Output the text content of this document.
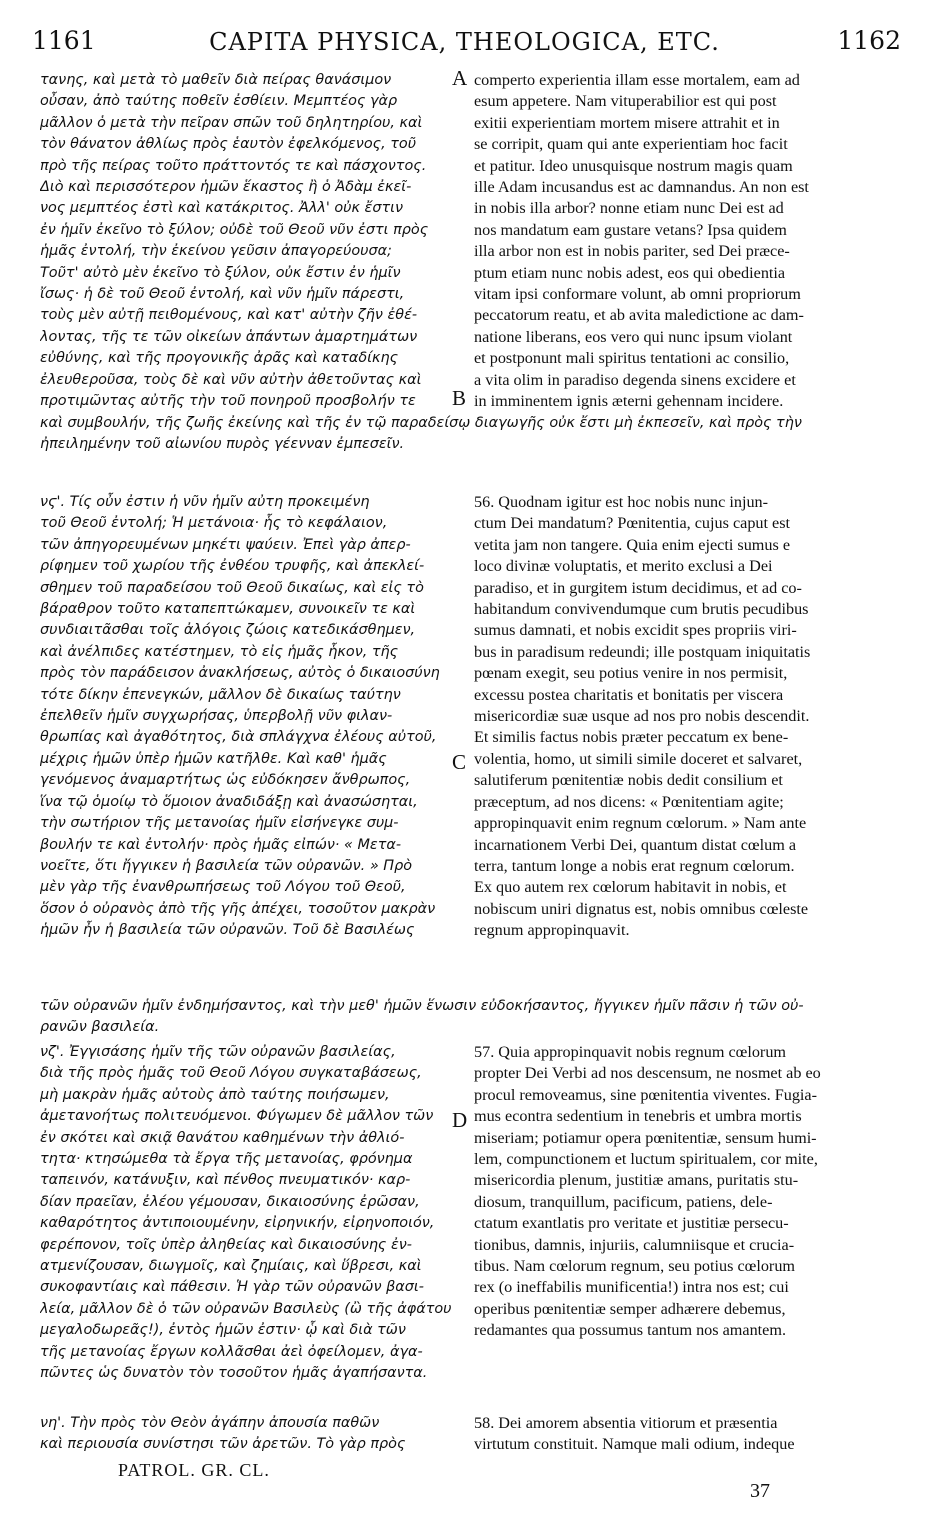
1161	CAPITA PHYSICA, THEOLOGICA, ETC.	1162
τανης, καὶ μετὰ τὸ μαθεῖν διὰ πείρας θανάσιμον
οὖσαν, ἀπὸ ταύτης ποθεῖν ἐσθίειν. Μεμπτέος γὰρ
μᾶλλον ὁ μετὰ τὴν πεῖραν σπῶν τοῦ δηλητηρίου, καὶ
τὸν θάνατον ἀθλίως πρὸς ἑαυτὸν ἐφελκόμενος, τοῦ
πρὸ τῆς πείρας τοῦτο πράττοντός τε καὶ πάσχοντος.
Διὸ καὶ περισσότερον ἡμῶν ἕκαστος ἢ ὁ Ἀδὰμ ἐκεῖ-
νος μεμπτέος ἐστὶ καὶ κατάκριτος. Ἀλλ' οὐκ ἔστιν
ἐν ἡμῖν ἐκεῖνο τὸ ξύλον; οὐδὲ τοῦ Θεοῦ νῦν ἐστι πρὸς
ἡμᾶς ἐντολή, τὴν ἐκείνου γεῦσιν ἀπαγορεύουσα;
Τοῦτ' αὐτὸ μὲν ἐκεῖνο τὸ ξύλον, οὐκ ἔστιν ἐν ἡμῖν
ἴσως· ἡ δὲ τοῦ Θεοῦ ἐντολή, καὶ νῦν ἡμῖν πάρεστι,
τοὺς μὲν αὐτῇ πειθομένους, καὶ κατ' αὐτὴν ζῆν ἐθέ-
λοντας, τῆς τε τῶν οἰκείων ἁπάντων ἁμαρτημάτων
εὐθύνης, καὶ τῆς προγονικῆς ἀρᾶς καὶ καταδίκης
ἐλευθεροῦσα, τοὺς δὲ καὶ νῦν αὐτὴν ἀθετοῦντας καὶ
προτιμῶντας αὐτῆς τὴν τοῦ πονηροῦ προσβολήν τε
comperto experientia illam esse mortalem, eam ad
esum appetere. Nam vituperabilior est qui post
exitii experientiam mortem misere attrahit et in
se corripit, quam qui ante experientiam hoc facit
et patitur. Ideo unusquisque nostrum magis quam
ille Adam incusandus est ac damnandus. An non est
in nobis illa arbor? nonne etiam nunc Dei est ad
nos mandatum eam gustare vetans? Ipsa quidem
illa arbor non est in nobis pariter, sed Dei præce-
ptum etiam nunc nobis adest, eos qui obedientia
vitam ipsi conformare volunt, ab omni propriorum
peccatorum reatu, et ab avita maledictione ac dam-
natione liberans, eos vero qui nunc ipsum violant
et postponunt mali spiritus tentationi ac consilio,
a vita olim in paradiso degenda sinens excidere et
in imminentem ignis æterni gehennam incidere.
καὶ συμβουλήν, τῆς ζωῆς ἐκείνης καὶ τῆς ἐν τῷ παραδείσῳ διαγωγῆς οὐκ ἔστι μὴ ἐκπεσεῖν, καὶ πρὸς τὴν
ἠπειλημένην τοῦ αἰωνίου πυρὸς γέενναν ἐμπεσεῖν.
νϛ'. Τίς οὖν ἐστιν ἡ νῦν ἡμῖν αὐτη προκειμένη
τοῦ Θεοῦ ἐντολή; Ἡ μετάνοια· ἧς τὸ κεφάλαιον,
τῶν ἀπηγορευμένων μηκέτι ψαύειν. Ἐπεὶ γὰρ ἀπερ-
ρίφημεν τοῦ χωρίου τῆς ἐνθέου τρυφῆς, καὶ ἀπεκλεί-
σθημεν τοῦ παραδείσου τοῦ Θεοῦ δικαίως, καὶ εἰς τὸ
βάραθρον τοῦτο καταπεπτώκαμεν, συνοικεῖν τε καὶ
συνδιαιτᾶσθαι τοῖς ἀλόγοις ζώοις κατεδικάσθημεν,
καὶ ἀνέλπιδες κατέστημεν, τὸ εἰς ἡμᾶς ἧκον, τῆς
πρὸς τὸν παράδεισον ἀνακλήσεως, αὐτὸς ὁ δικαιοσύνη
τότε δίκην ἐπενεγκών, μᾶλλον δὲ δικαίως ταύτην
ἐπελθεῖν ἡμῖν συγχωρήσας, ὑπερβολῇ νῦν φιλαν-
θρωπίας καὶ ἀγαθότητος, διὰ σπλάγχνα ἐλέους αὐτοῦ,
μέχρις ἡμῶν ὑπὲρ ἡμῶν κατῆλθε. Καὶ καθ' ἡμᾶς
γενόμενος ἀναμαρτήτως ὡς εὐδόκησεν ἄνθρωπος,
ἵνα τῷ ὁμοίῳ τὸ ὅμοιον ἀναδιδάξῃ καὶ ἀνασώσηται,
τὴν σωτήριον τῆς μετανοίας ἡμῖν εἰσήνεγκε συμ-
βουλήν τε καὶ ἐντολήν· πρὸς ἡμᾶς εἰπών· « Μετα-
νοεῖτε, ὅτι ἤγγικεν ἡ βασιλεία τῶν οὐρανῶν. » Πρὸ
μὲν γὰρ τῆς ἐνανθρωπήσεως τοῦ Λόγου τοῦ Θεοῦ,
ὅσον ὁ οὐρανὸς ἀπὸ τῆς γῆς ἀπέχει, τοσοῦτον μακρὰν
ἡμῶν ἦν ἡ βασιλεία τῶν οὐρανῶν. Τοῦ δὲ Βασιλέως
56. Quodnam igitur est hoc nobis nunc injun-
ctum Dei mandatum? Pœnitentia, cujus caput est
vetita jam non tangere. Quia enim ejecti sumus e
loco divinæ voluptatis, et merito exclusi a Dei
paradiso, et in gurgitem istum decidimus, et ad co-
habitandum convivendumque cum brutis pecudibus
sumus damnati, et nobis excidit spes propriis viri-
bus in paradisum redeundi; ille postquam iniquitatis
pœnam exegit, seu potius venire in nos permisit,
excessu postea charitatis et bonitatis per viscera
misericordiæ suæ usque ad nos pro nobis descendit.
Et similis factus nobis præter peccatum ex bene-
volentia, homo, ut simili simile doceret et salvaret,
salutiferum pœnitentiæ nobis dedit consilium et
præceptum, ad nos dicens: « Pœnitentiam agite;
appropinquavit enim regnum cœlorum. » Nam ante
incarnationem Verbi Dei, quantum distat cœlum a
terra, tantum longe a nobis erat regnum cœlorum.
Ex quo autem rex cœlorum habitavit in nobis, et
nobiscum uniri dignatus est, nobis omnibus cœleste
regnum appropinquavit.
τῶν οὐρανῶν ἡμῖν ἐνδημήσαντος, καὶ τὴν μεθ' ἡμῶν ἕνωσιν εὐδοκήσαντος, ἤγγικεν ἡμῖν πᾶσιν ἡ τῶν οὐ-
ρανῶν βασιλεία.
νζ'. Ἐγγισάσης ἡμῖν τῆς τῶν οὐρανῶν βασιλείας,
διὰ τῆς πρὸς ἡμᾶς τοῦ Θεοῦ Λόγου συγκαταβάσεως,
μὴ μακρὰν ἡμᾶς αὐτοὺς ἀπὸ ταύτης ποιήσωμεν,
ἀμετανοήτως πολιτευόμενοι. Φύγωμεν δὲ μᾶλλον τῶν
ἐν σκότει καὶ σκιᾷ θανάτου καθημένων τὴν ἀθλιό-
τητα· κτησώμεθα τὰ ἔργα τῆς μετανοίας, φρόνημα
ταπεινόν, κατάνυξιν, καὶ πένθος πνευματικόν· καρ-
δίαν πραεῖαν, ἐλέου γέμουσαν, δικαιοσύνης ἐρῶσαν,
καθαρότητος ἀντιποιουμένην, εἰρηνικήν, εἰρηνοποιόν,
φερέπονον, τοῖς ὑπὲρ ἀληθείας καὶ δικαιοσύνης ἐν-
ατμενίζουσαν, διωγμοῖς, καὶ ζημίαις, καὶ ὕβρεσι, καὶ
συκοφαντίαις καὶ πάθεσιν. Ἡ γὰρ τῶν οὐρανῶν βασι-
λεία, μᾶλλον δὲ ὁ τῶν οὐρανῶν Βασιλεὺς (ὢ τῆς ἀφάτου
μεγαλοδωρεᾶς!), ἐντὸς ἡμῶν ἐστιν· ᾧ καὶ διὰ τῶν
τῆς μετανοίας ἔργων κολλᾶσθαι ἀεὶ ὀφείλομεν, ἀγα-
πῶντες ὡς δυνατὸν τὸν τοσοῦτον ἡμᾶς ἀγαπήσαντα.
57. Quia appropinquavit nobis regnum cœlorum
propter Dei Verbi ad nos descensum, ne nosmet ab eo
procul removeamus, sine pœnitentia viventes. Fugia-
mus econtra sedentium in tenebris et umbra mortis
miseriam; potiamur opera pœnitentiæ, sensum humi-
lem, compunctionem et luctum spiritualem, cor mite,
misericordia plenum, justitiæ amans, puritatis stu-
diosum, tranquillum, pacificum, patiens, dele-
ctatum exantlatis pro veritate et justitiæ persecu-
tionibus, damnis, injuriis, calumniisque et crucia-
tibus. Nam cœlorum regnum, seu potius cœlorum
rex (o ineffabilis munificentia!) intra nos est; cui
operibus pœnitentiæ semper adhærere debemus,
redamantes qua possumus tantum nos amantem.
νη'. Τὴν πρὸς τὸν Θεὸν ἀγάπην ἀπουσία παθῶν
καὶ περιουσία συνίστησι τῶν ἀρετῶν. Τὸ γὰρ πρὸς
58. Dei amorem absentia vitiorum et præsentia
virtutum constituit. Namque mali odium, indeque
A
B
C
D
PATROL. GR. CL.
37
